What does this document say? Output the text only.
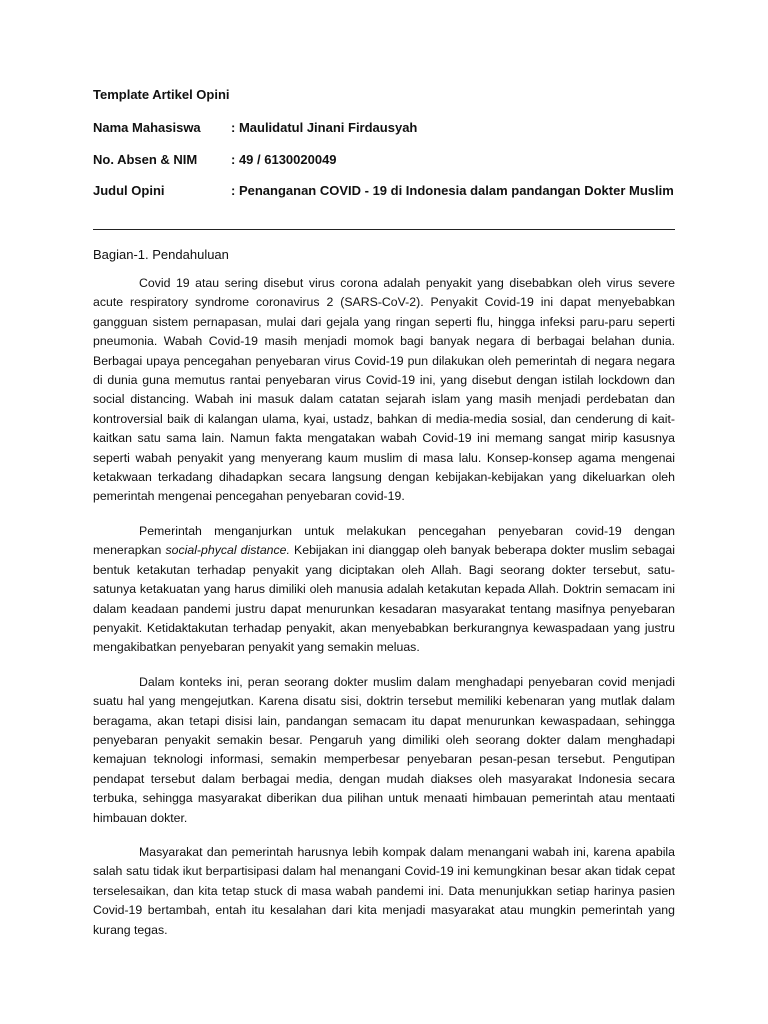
Template Artikel Opini
Nama Mahasiswa : Maulidatul Jinani Firdausyah
No. Absen & NIM	: 49 / 6130020049
Judul Opini	: Penanganan COVID - 19 di Indonesia dalam pandangan Dokter Muslim
Bagian-1. Pendahuluan

Covid 19 atau sering disebut virus corona adalah penyakit yang disebabkan oleh virus severe acute respiratory syndrome coronavirus 2 (SARS-CoV-2). Penyakit Covid-19 ini dapat menyebabkan gangguan sistem pernapasan, mulai dari gejala yang ringan seperti flu, hingga infeksi paru-paru seperti pneumonia. Wabah Covid-19 masih menjadi momok bagi banyak negara di berbagai belahan dunia. Berbagai upaya pencegahan penyebaran virus Covid-19 pun dilakukan oleh pemerintah di negara negara di dunia guna memutus rantai penyebaran virus Covid-19 ini, yang disebut dengan istilah lockdown dan social distancing. Wabah ini masuk dalam catatan sejarah islam yang masih menjadi perdebatan dan kontroversial baik di kalangan ulama, kyai, ustadz, bahkan di media-media sosial, dan cenderung di kait-kaitkan satu sama lain. Namun fakta mengatakan wabah Covid-19 ini memang sangat mirip kasusnya seperti wabah penyakit yang menyerang kaum muslim di masa lalu. Konsep-konsep agama mengenai ketakwaan terkadang dihadapkan secara langsung dengan kebijakan-kebijakan yang dikeluarkan oleh pemerintah mengenai pencegahan penyebaran covid-19.

Pemerintah menganjurkan untuk melakukan pencegahan penyebaran covid-19 dengan menerapkan social-phycal distance. Kebijakan ini dianggap oleh banyak beberapa dokter muslim sebagai bentuk ketakutan terhadap penyakit yang diciptakan oleh Allah. Bagi seorang dokter tersebut, satu-satunya ketakuatan yang harus dimiliki oleh manusia adalah ketakutan kepada Allah. Doktrin semacam ini dalam keadaan pandemi justru dapat menurunkan kesadaran masyarakat tentang masifnya penyebaran penyakit. Ketidaktakutan terhadap penyakit, akan menyebabkan berkurangnya kewaspadaan yang justru mengakibatkan penyebaran penyakit yang semakin meluas.

Dalam konteks ini, peran seorang dokter muslim dalam menghadapi penyebaran covid menjadi suatu hal yang mengejutkan. Karena disatu sisi, doktrin tersebut memiliki kebenaran yang mutlak dalam beragama, akan tetapi disisi lain, pandangan semacam itu dapat menurunkan kewaspadaan, sehingga penyebaran penyakit semakin besar. Pengaruh yang dimiliki oleh seorang dokter dalam menghadapi kemajuan teknologi informasi, semakin memperbesar penyebaran pesan-pesan tersebut. Pengutipan pendapat tersebut dalam berbagai media, dengan mudah diakses oleh masyarakat Indonesia secara terbuka, sehingga masyarakat diberikan dua pilihan untuk menaati himbauan pemerintah atau mentaati himbauan dokter.

Masyarakat dan pemerintah harusnya lebih kompak dalam menangani wabah ini, karena apabila salah satu tidak ikut berpartisipasi dalam hal menangani Covid-19 ini kemungkinan besar akan tidak cepat terselesaikan, dan kita tetap stuck di masa wabah pandemi ini. Data menunjukkan setiap harinya pasien Covid-19 bertambah, entah itu kesalahan dari kita menjadi masyarakat atau mungkin pemerintah yang kurang tegas.
